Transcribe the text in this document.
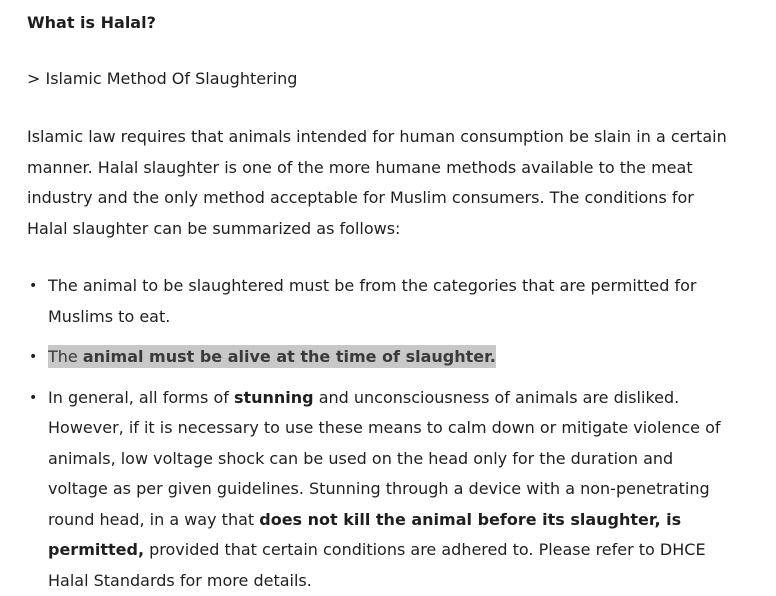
What is Halal?
> Islamic Method Of Slaughtering
Islamic law requires that animals intended for human consumption be slain in a certain manner. Halal slaughter is one of the more humane methods available to the meat industry and the only method acceptable for Muslim consumers. The conditions for Halal slaughter can be summarized as follows:
• The animal to be slaughtered must be from the categories that are permitted for Muslims to eat.
• The animal must be alive at the time of slaughter.
• In general, all forms of stunning and unconsciousness of animals are disliked. However, if it is necessary to use these means to calm down or mitigate violence of animals, low voltage shock can be used on the head only for the duration and voltage as per given guidelines. Stunning through a device with a non-penetrating round head, in a way that does not kill the animal before its slaughter, is permitted, provided that certain conditions are adhered to. Please refer to DHCE Halal Standards for more details.
